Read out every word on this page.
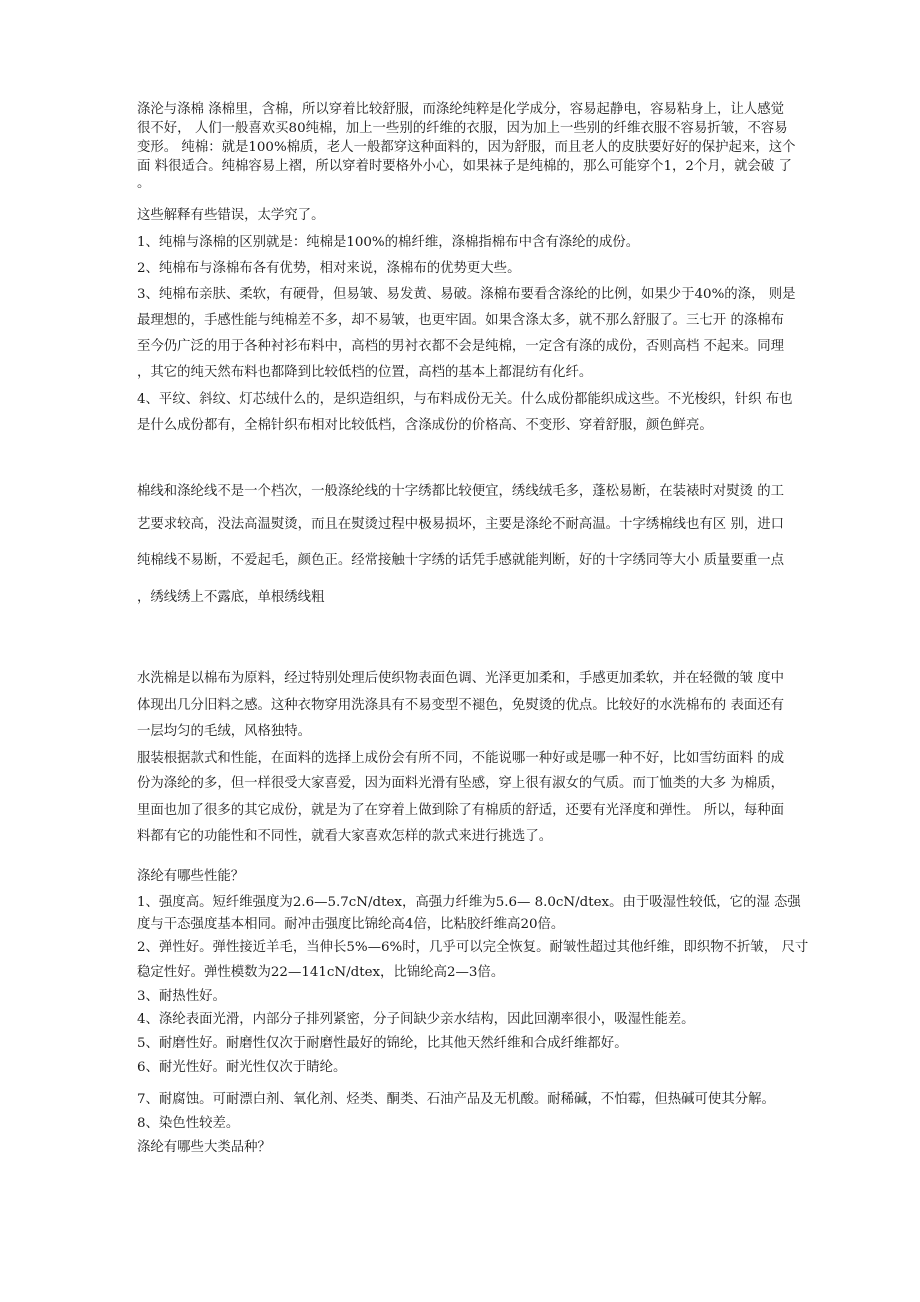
涤沦与涤棉 涤棉里，含棉，所以穿着比较舒服，而涤纶纯粹是化学成分，容易起静电，容易粘身上，让人感觉
很不好， 人们一般喜欢买80纯棉，加上一些别的纤维的衣服，因为加上一些别的纤维衣服不容易折皱，不容易
变形。 纯棉：就是100%棉质，老人一般都穿这种面料的，因为舒服，而且老人的皮肤要好好的保护起来，这个
面 料很适合。纯棉容易上褶，所以穿着时要格外小心，如果袜子是纯棉的，那么可能穿个1，2个月，就会破 了
。
这些解释有些错误，太学究了。
1、纯棉与涤棉的区别就是：纯棉是100%的棉纤维，涤棉指棉布中含有涤纶的成份。
2、纯棉布与涤棉布各有优势，相对来说，涤棉布的优势更大些。
3、纯棉布亲肤、柔软，有硬骨，但易皱、易发黄、易破。涤棉布要看含涤纶的比例，如果少于40%的涤， 则是
最理想的，手感性能与纯棉差不多，却不易皱，也更牢固。如果含涤太多，就不那么舒服了。三七开 的涤棉布
至今仍广泛的用于各种衬衫布料中，高档的男衬衣都不会是纯棉，一定含有涤的成份，否则高档 不起来。同理
，其它的纯天然布料也都降到比较低档的位置，高档的基本上都混纺有化纤。
4、平纹、斜纹、灯芯绒什么的，是织造组织，与布料成份无关。什么成份都能织成这些。不光梭织，针织 布也
是什么成份都有，全棉针织布相对比较低档，含涤成份的价格高、不变形、穿着舒服，颜色鲜亮。
棉线和涤纶线不是一个档次，一般涤纶线的十字绣都比较便宜，绣线绒毛多，蓬松易断，在装裱时对熨烫 的工
艺要求较高，没法高温熨烫，而且在熨烫过程中极易损坏，主要是涤纶不耐高温。十字绣棉线也有区 别，进口
纯棉线不易断，不爱起毛，颜色正。经常接触十字绣的话凭手感就能判断，好的十字绣同等大小 质量要重一点
，绣线绣上不露底，单根绣线粗
水洗棉是以棉布为原料，经过特别处理后使织物表面色调、光泽更加柔和，手感更加柔软，并在轻微的皱 度中
体现出几分旧料之感。这种衣物穿用洗涤具有不易变型不褪色，免熨烫的优点。比较好的水洗棉布的 表面还有
一层均匀的毛绒，风格独特。
服装根据款式和性能，在面料的选择上成份会有所不同，不能说哪一种好或是哪一种不好，比如雪纺面料 的成
份为涤纶的多，但一样很受大家喜爱，因为面料光滑有坠感，穿上很有淑女的气质。而丁恤类的大多 为棉质，
里面也加了很多的其它成份，就是为了在穿着上做到除了有棉质的舒适，还要有光泽度和弹性。 所以，每种面
料都有它的功能性和不同性，就看大家喜欢怎样的款式来进行挑选了。
涤纶有哪些性能？
1、强度高。短纤维强度为2.6—5.7cN/dtex，高强力纤维为5.6— 8.0cN/dtex。由于吸湿性较低，它的湿 态强
度与干态强度基本相同。耐冲击强度比锦纶高4倍，比粘胶纤维高20倍。
2、弹性好。弹性接近羊毛，当伸长5%—6%时，几乎可以完全恢复。耐皱性超过其他纤维，即织物不折皱， 尺寸
稳定性好。弹性模数为22—141cN/dtex，比锦纶高2—3倍。
3、耐热性好。
4、涤纶表面光滑，内部分子排列紧密，分子间缺少亲水结构，因此回潮率很小，吸湿性能差。
5、耐磨性好。耐磨性仅次于耐磨性最好的锦纶，比其他天然纤维和合成纤维都好。
6、耐光性好。耐光性仅次于睛纶。
7、耐腐蚀。可耐漂白剂、氧化剂、烃类、酮类、石油产品及无机酸。耐稀碱，不怕霉，但热碱可使其分解。
8、染色性较差。
涤纶有哪些大类品种？
